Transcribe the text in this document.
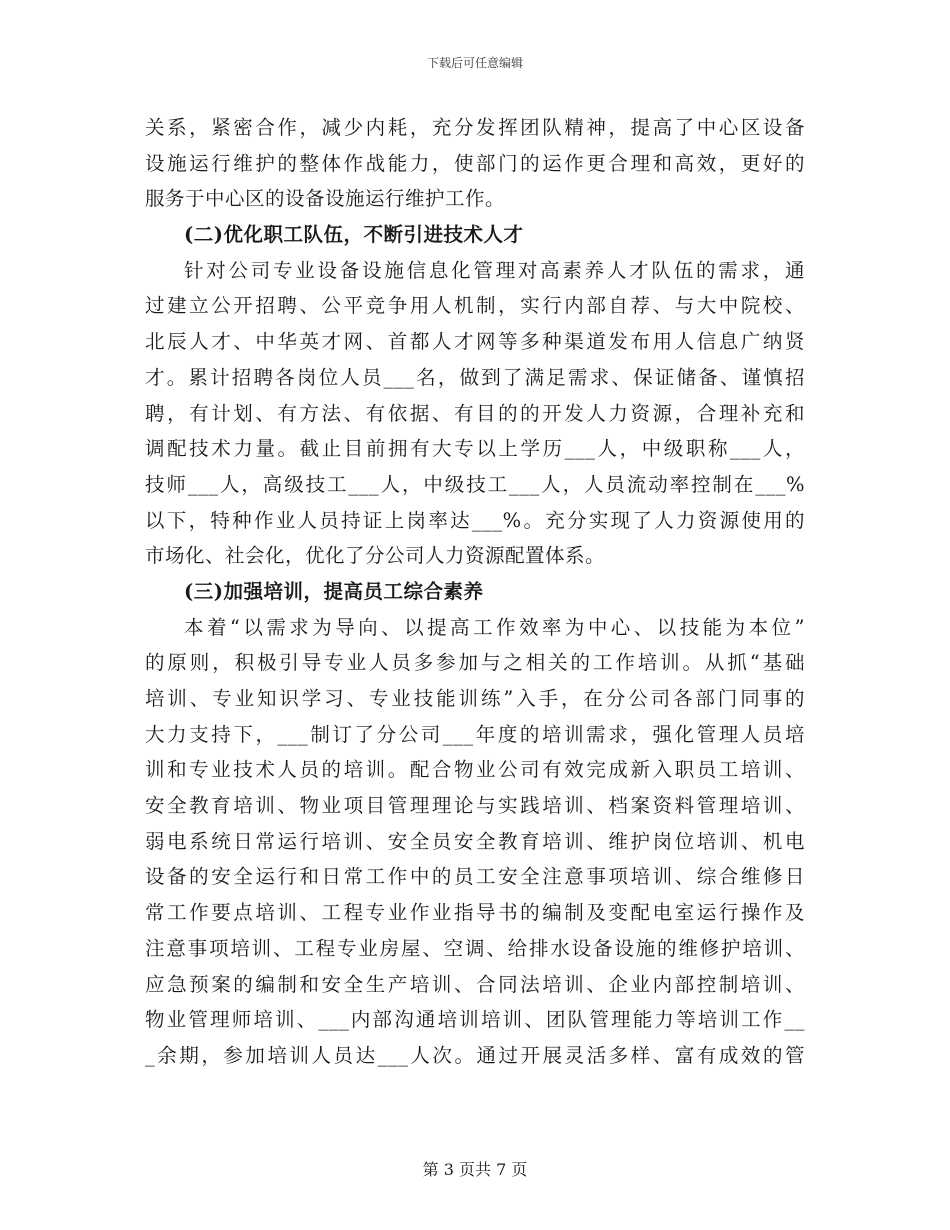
下载后可任意编辑
关系，紧密合作，减少内耗，充分发挥团队精神，提高了中心区设备
设施运行维护的整体作战能力，使部门的运作更合理和高效，更好的
服务于中心区的设备设施运行维护工作。
(二)优化职工队伍，不断引进技术人才
针对公司专业设备设施信息化管理对高素养人才队伍的需求，通
过建立公开招聘、公平竞争用人机制，实行内部自荐、与大中院校、
北辰人才、中华英才网、首都人才网等多种渠道发布用人信息广纳贤
才。累计招聘各岗位人员___名，做到了满足需求、保证储备、谨慎招
聘，有计划、有方法、有依据、有目的的开发人力资源，合理补充和
调配技术力量。截止目前拥有大专以上学历___人，中级职称___人，
技师___人，高级技工___人，中级技工___人，人员流动率控制在___%
以下，特种作业人员持证上岗率达___%。充分实现了人力资源使用的
市场化、社会化，优化了分公司人力资源配置体系。
(三)加强培训，提高员工综合素养
本着“以需求为导向、以提高工作效率为中心、以技能为本位”
的原则，积极引导专业人员多参加与之相关的工作培训。从抓“基础
培训、专业知识学习、专业技能训练”入手，在分公司各部门同事的
大力支持下，___制订了分公司___年度的培训需求，强化管理人员培
训和专业技术人员的培训。配合物业公司有效完成新入职员工培训、
安全教育培训、物业项目管理理论与实践培训、档案资料管理培训、
弱电系统日常运行培训、安全员安全教育培训、维护岗位培训、机电
设备的安全运行和日常工作中的员工安全注意事项培训、综合维修日
常工作要点培训、工程专业作业指导书的编制及变配电室运行操作及
注意事项培训、工程专业房屋、空调、给排水设备设施的维修护培训、
应急预案的编制和安全生产培训、合同法培训、企业内部控制培训、
物业管理师培训、___内部沟通培训培训、团队管理能力等培训工作__
_余期，参加培训人员达___人次。通过开展灵活多样、富有成效的管
第 3 页共 7 页
